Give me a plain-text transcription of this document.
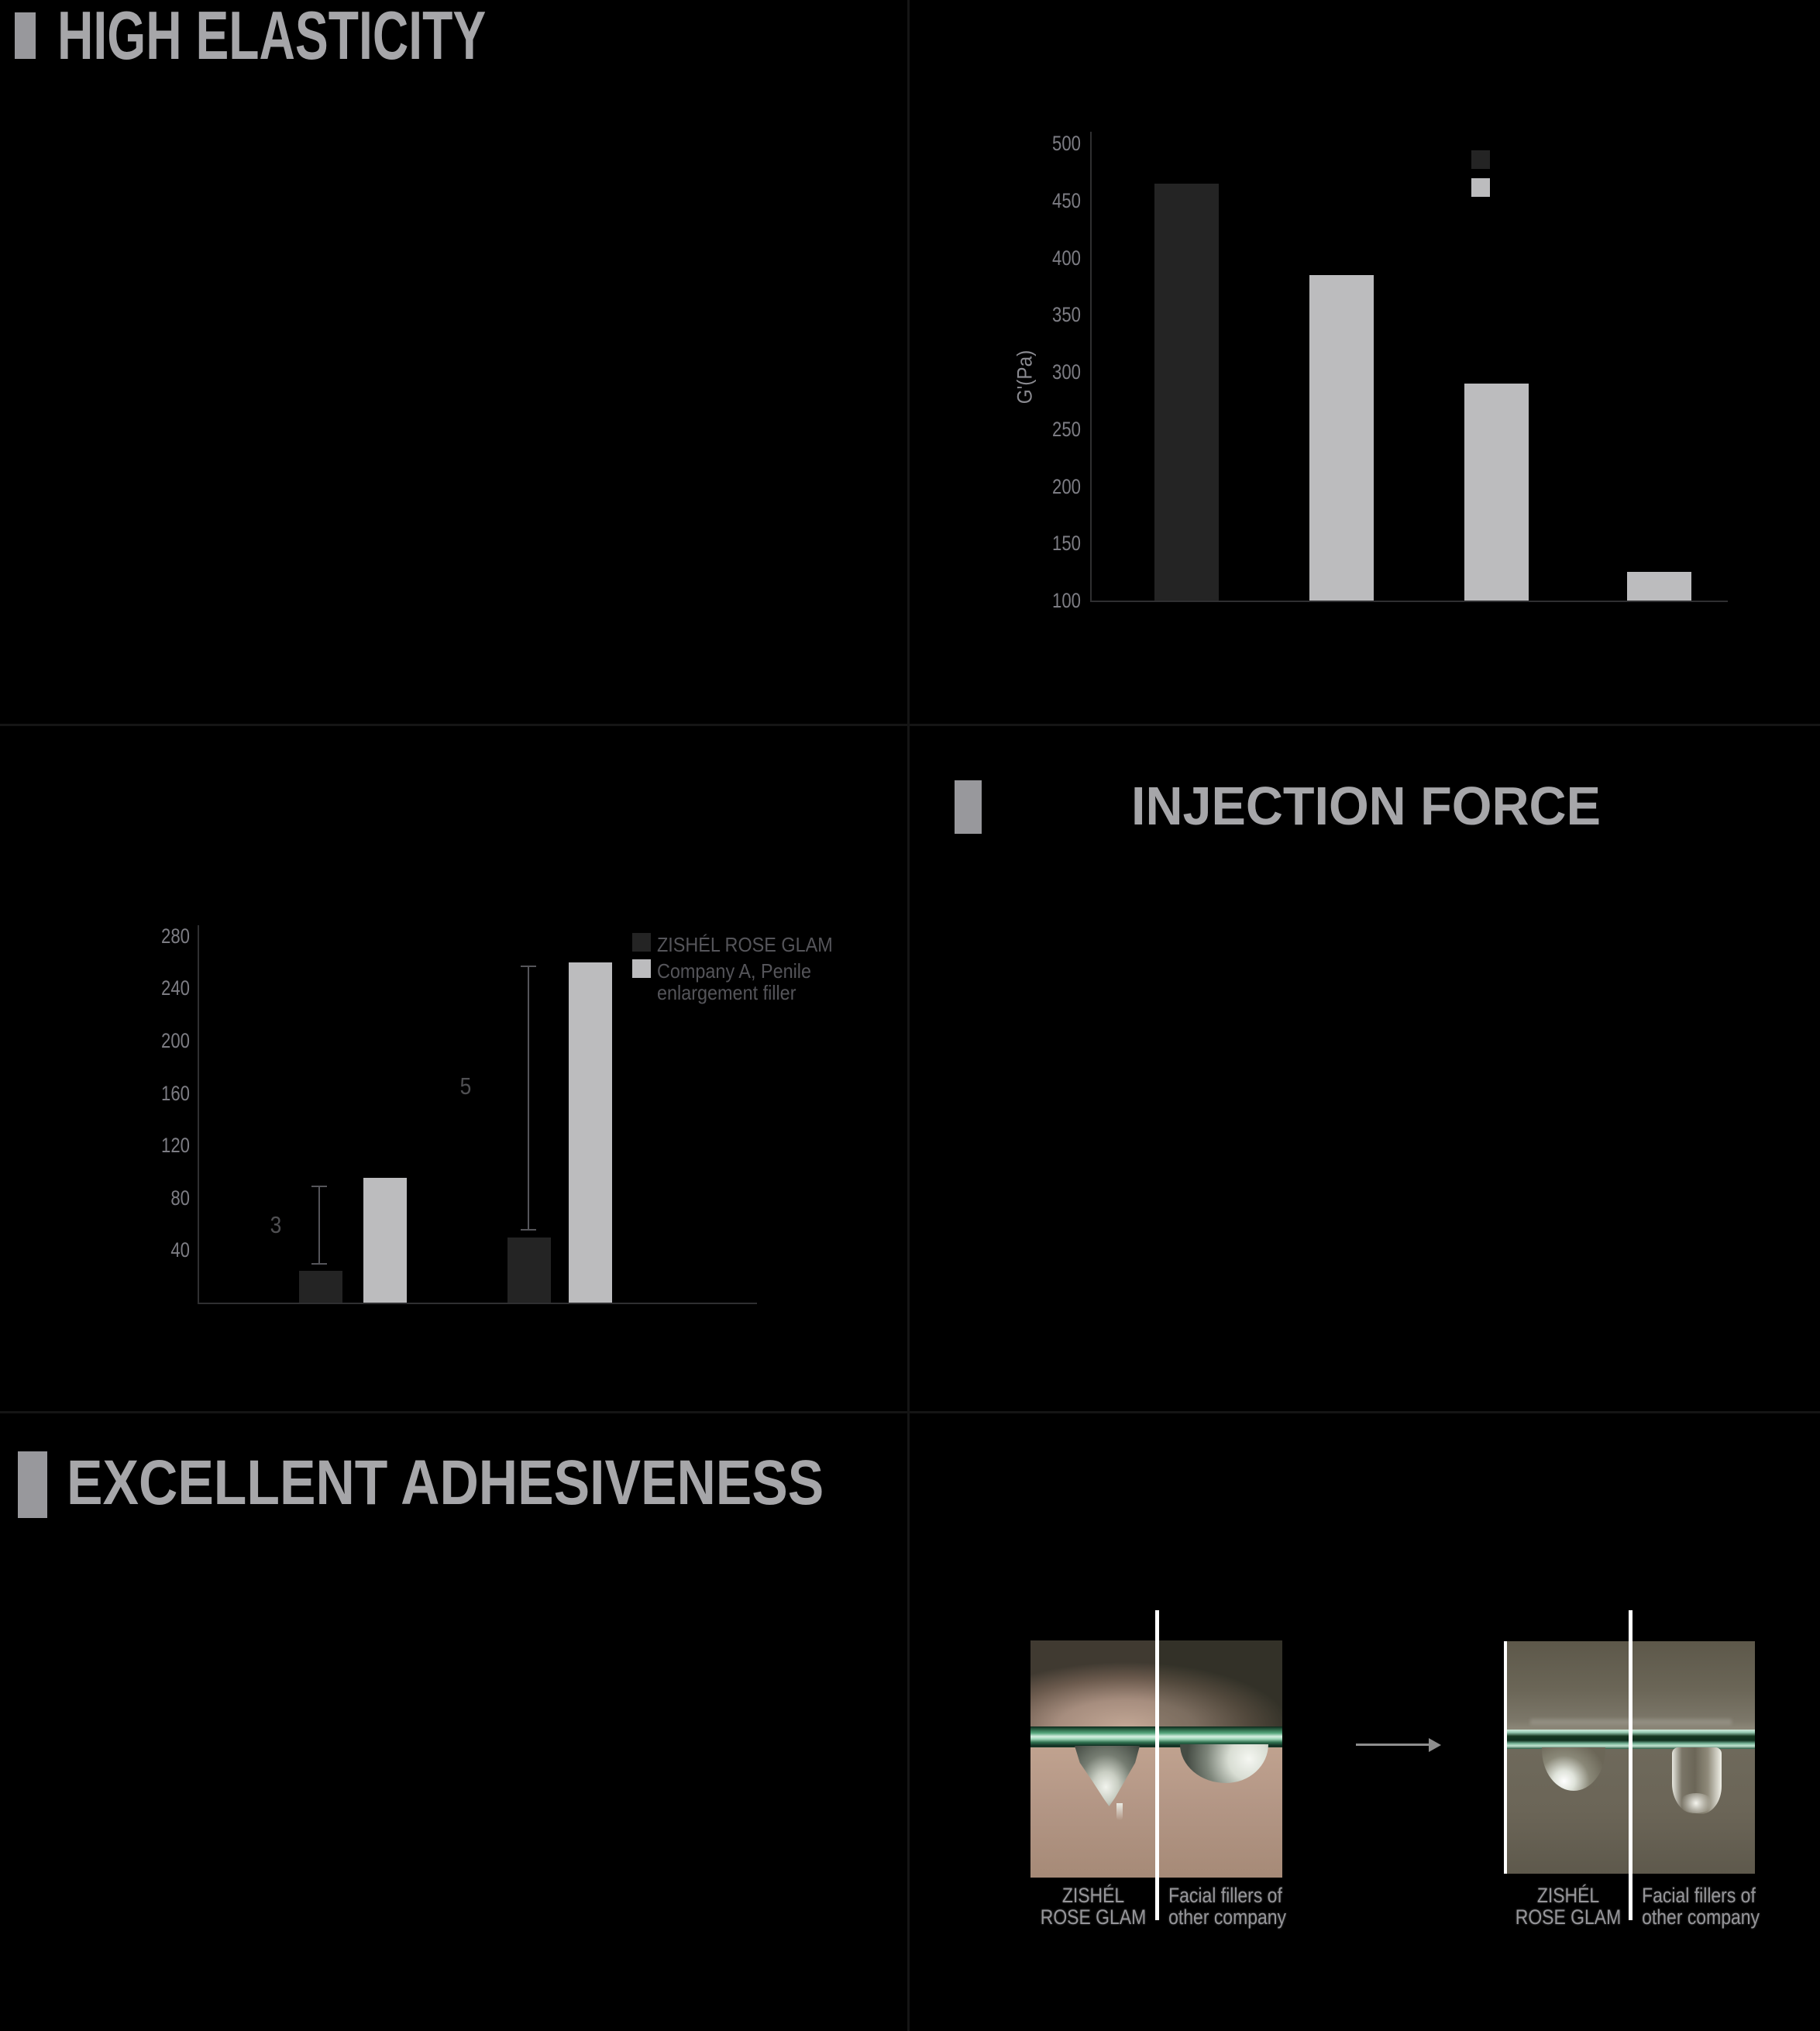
HIGH ELASTICITY
INJECTION FORCE
EXCELLENT ADHESIVENESS
G'(Pa)
100
150
200
250
300
350
400
450
500
40
80
120
160
200
240
280
3
5
ZISHÉL ROSE GLAM
Company A, Penile enlargement filler
ZISHÉL
ROSE GLAM
Facial fillers of
other company
ZISHÉL
ROSE GLAM
Facial fillers of
other company
